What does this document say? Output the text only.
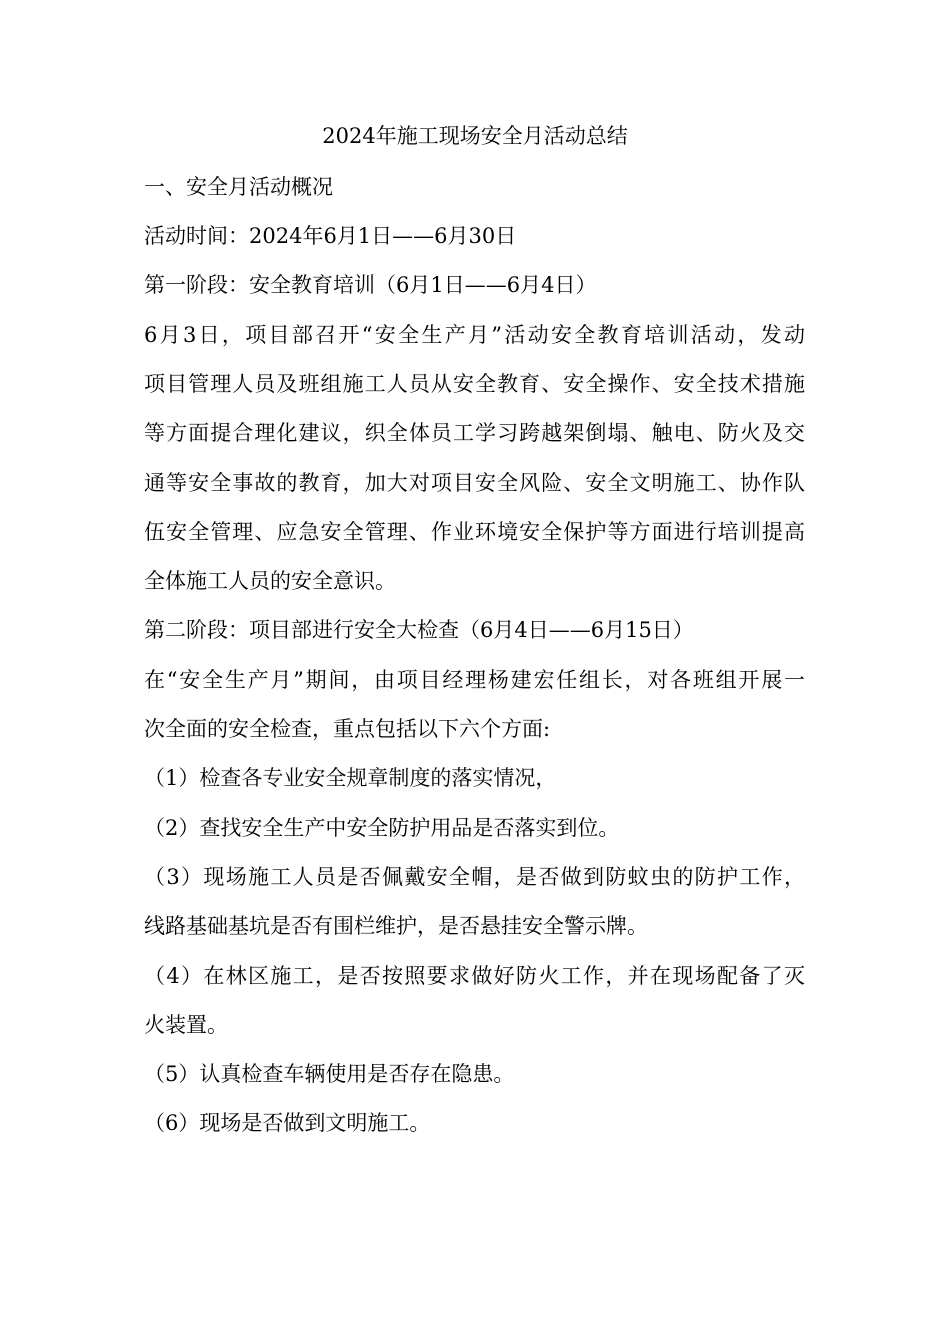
2024年施工现场安全月活动总结
一、安全月活动概况
活动时间：2024年6月1日——6月30日
第一阶段：安全教育培训（6月1日——6月4日）
6月3日，项目部召开“安全生产月”活动安全教育培训活动，发动
项目管理人员及班组施工人员从安全教育、安全操作、安全技术措施
等方面提合理化建议，织全体员工学习跨越架倒塌、触电、防火及交
通等安全事故的教育，加大对项目安全风险、安全文明施工、协作队
伍安全管理、应急安全管理、作业环境安全保护等方面进行培训提高
全体施工人员的安全意识。
第二阶段：项目部进行安全大检查（6月4日——6月15日）
在“安全生产月”期间，由项目经理杨建宏任组长，对各班组开展一
次全面的安全检查，重点包括以下六个方面:
（1）检查各专业安全规章制度的落实情况，
（2）查找安全生产中安全防护用品是否落实到位。
（3）现场施工人员是否佩戴安全帽，是否做到防蚊虫的防护工作，
线路基础基坑是否有围栏维护，是否悬挂安全警示牌。
（4）在林区施工，是否按照要求做好防火工作，并在现场配备了灭
火装置。
（5）认真检查车辆使用是否存在隐患。
（6）现场是否做到文明施工。
